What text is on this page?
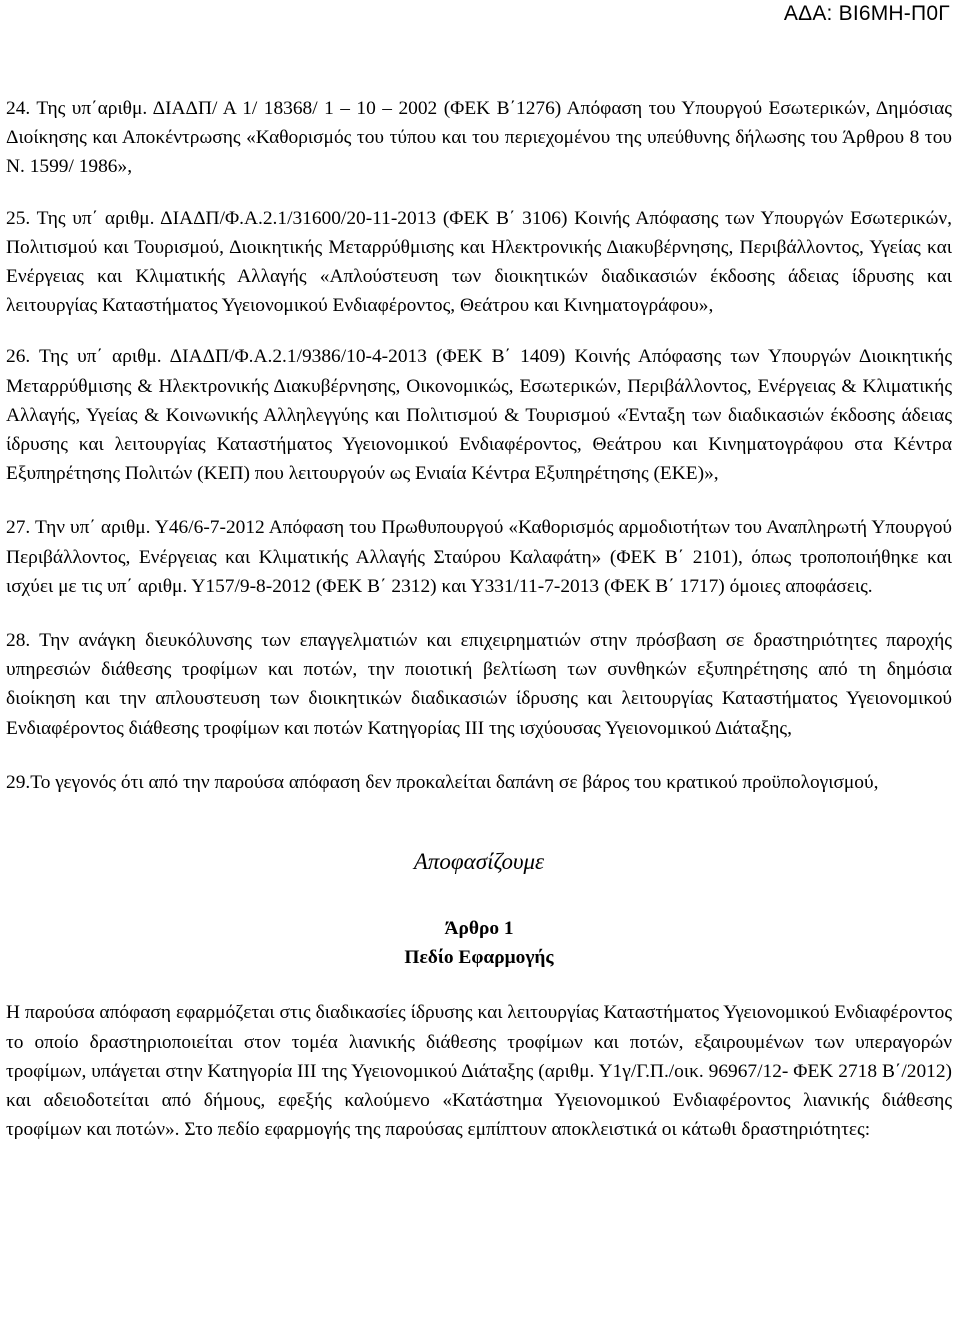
ΑΔΑ: ΒΙ6ΜΗ-Π0Γ

24. Της υπ΄αριθμ. ΔΙΑΔΠ/ Α 1/ 18368/ 1 – 10 – 2002 (ΦΕΚ Β΄1276) Απόφαση του Υπουργού Εσωτερικών, Δημόσιας Διοίκησης και Αποκέντρωσης «Καθορισμός του τύπου και του περιεχομένου της υπεύθυνης δήλωσης του Άρθρου 8 του Ν. 1599/ 1986»,

25. Της υπ΄ αριθμ. ΔΙΑΔΠ/Φ.Α.2.1/31600/20-11-2013 (ΦΕΚ Β΄ 3106) Κοινής Απόφασης των Υπουργών Εσωτερικών, Πολιτισμού και Τουρισμού, Διοικητικής Μεταρρύθμισης και Ηλεκτρονικής Διακυβέρνησης, Περιβάλλοντος, Υγείας και Ενέργειας και Κλιματικής Αλλαγής «Απλούστευση των διοικητικών διαδικασιών έκδοσης άδειας ίδρυσης και λειτουργίας Καταστήματος Υγειονομικού Ενδιαφέροντος, Θεάτρου και Κινηματογράφου»,

26. Της υπ΄ αριθμ. ΔΙΑΔΠ/Φ.Α.2.1/9386/10-4-2013 (ΦΕΚ Β΄ 1409) Κοινής Απόφασης των Υπουργών Διοικητικής Μεταρρύθμισης & Ηλεκτρονικής Διακυβέρνησης, Οικονομικώς, Εσωτερικών, Περιβάλλοντος, Ενέργειας & Κλιματικής Αλλαγής, Υγείας & Κοινωνικής Αλληλεγγύης και Πολιτισμού & Τουρισμού «Ένταξη των διαδικασιών έκδοσης άδειας ίδρυσης και λειτουργίας Καταστήματος Υγειονομικού Ενδιαφέροντος, Θεάτρου και Κινηματογράφου στα Κέντρα Εξυπηρέτησης Πολιτών (ΚΕΠ) που λειτουργούν ως Ενιαία Κέντρα Εξυπηρέτησης (ΕΚΕ)»,

27. Την υπ΄ αριθμ. Υ46/6-7-2012 Απόφαση του Πρωθυπουργού «Καθορισμός αρμοδιοτήτων του Αναπληρωτή Υπουργού Περιβάλλοντος, Ενέργειας και Κλιματικής Αλλαγής Σταύρου Καλαφάτη» (ΦΕΚ Β΄ 2101), όπως τροποποιήθηκε και ισχύει με τις υπ΄ αριθμ. Υ157/9-8-2012 (ΦΕΚ Β΄ 2312) και Υ331/11-7-2013 (ΦΕΚ Β΄ 1717) όμοιες αποφάσεις.

28. Την ανάγκη διευκόλυνσης των επαγγελματιών και επιχειρηματιών στην πρόσβαση σε δραστηριότητες παροχής υπηρεσιών διάθεσης τροφίμων και ποτών, την ποιοτική βελτίωση των συνθηκών εξυπηρέτησης από τη δημόσια διοίκηση και την απλουστευση των διοικητικών διαδικασιών ίδρυσης και λειτουργίας Καταστήματος Υγειονομικού Ενδιαφέροντος διάθεσης τροφίμων και ποτών Κατηγορίας ΙΙΙ της ισχύουσας Υγειονομικού Διάταξης,

29.Το γεγονός ότι από την παρούσα απόφαση δεν προκαλείται δαπάνη σε βάρος του κρατικού προϋπολογισμού,

Αποφασίζουμε

Άρθρο 1

Πεδίο Εφαρμογής

Η παρούσα απόφαση εφαρμόζεται στις διαδικασίες ίδρυσης και λειτουργίας Καταστήματος Υγειονομικού Ενδιαφέροντος το οποίο δραστηριοποιείται στον τομέα λιανικής διάθεσης τροφίμων και ποτών, εξαιρουμένων των υπεραγορών τροφίμων, υπάγεται στην Κατηγορία ΙΙΙ της Υγειονομικού Διάταξης (αριθμ. Υ1γ/Γ.Π./οικ. 96967/12- ΦΕΚ 2718 Β΄/2012) και αδειοδοτείται από δήμους, εφεξής καλούμενο «Κατάστημα Υγειονομικού Ενδιαφέροντος λιανικής διάθεσης τροφίμων και ποτών». Στο πεδίο εφαρμογής της παρούσας εμπίπτουν αποκλειστικά οι κάτωθι δραστηριότητες:
